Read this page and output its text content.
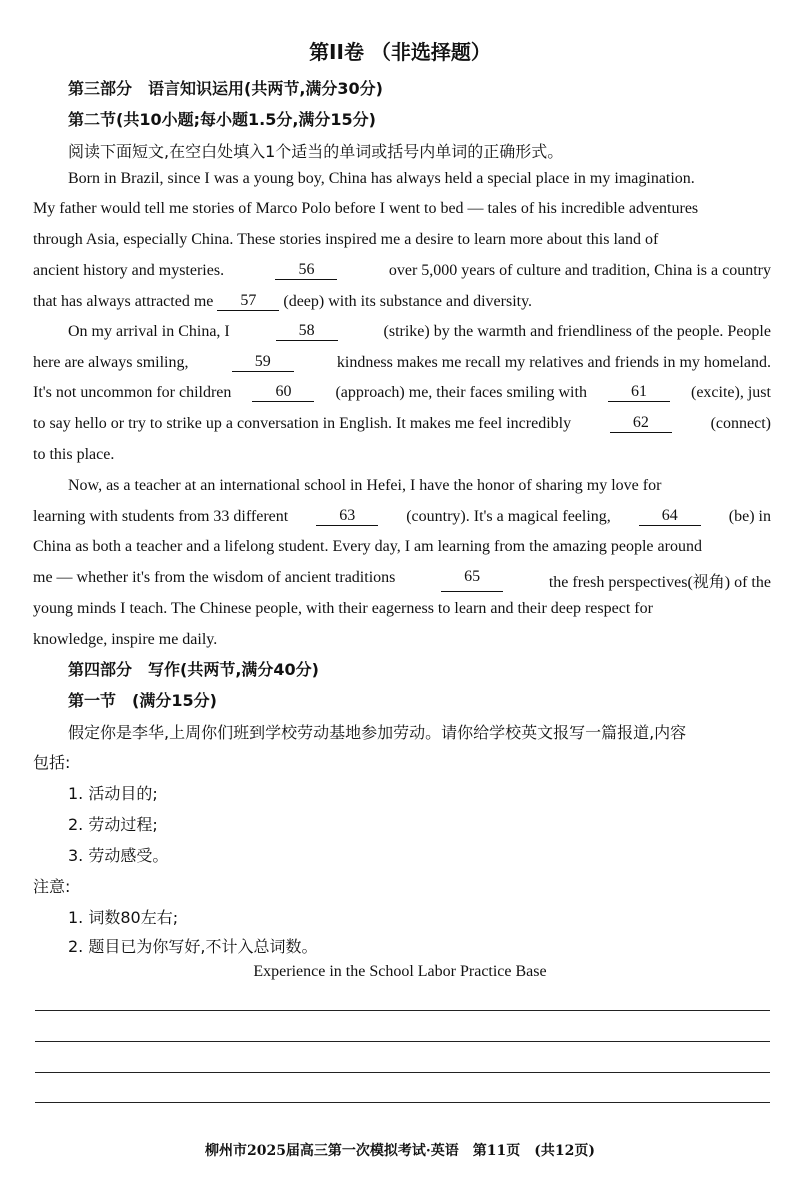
第II卷 （非选择题）
第三部分　语言知识运用(共两节,满分30分)
第二节(共10小题;每小题1.5分,满分15分)
阅读下面短文,在空白处填入1个适当的单词或括号内单词的正确形式。
Born in Brazil, since I was a young boy, China has always held a special place in my imagination.
My father would tell me stories of Marco Polo before I went to bed — tales of his incredible adventures
through Asia, especially China. These stories inspired me a desire to learn more about this land of
ancient history and mysteries.	56	over 5,000 years of culture and tradition, China is a country
that has always attracted me	57	(deep) with its substance and diversity.
On my arrival in China, I	58	(strike) by the warmth and friendliness of the people. People
here are always smiling,	59	kindness makes me recall my relatives and friends in my homeland.
It's not uncommon for children	60	(approach) me, their faces smiling with	61	(excite), just
to say hello or try to strike up a conversation in English. It makes me feel incredibly	62	(connect)
to this place.
Now, as a teacher at an international school in Hefei, I have the honor of sharing my love for
learning with students from 33 different	63	(country). It's a magical feeling,	64	(be) in
China as both a teacher and a lifelong student. Every day, I am learning from the amazing people around
me — whether it's from the wisdom of ancient traditions	65	the fresh perspectives(视角) of the
young minds I teach. The Chinese people, with their eagerness to learn and their deep respect for
knowledge, inspire me daily.
第四部分　写作(共两节,满分40分)
第一节　(满分15分)
假定你是李华,上周你们班到学校劳动基地参加劳动。请你给学校英文报写一篇报道,内容
包括:
1. 活动目的;
2. 劳动过程;
3. 劳动感受。
注意:
1. 词数80左右;
2. 题目已为你写好,不计入总词数。
Experience in the School Labor Practice Base
柳州市2025届高三第一次模拟考试·英语　第11页　(共12页)
